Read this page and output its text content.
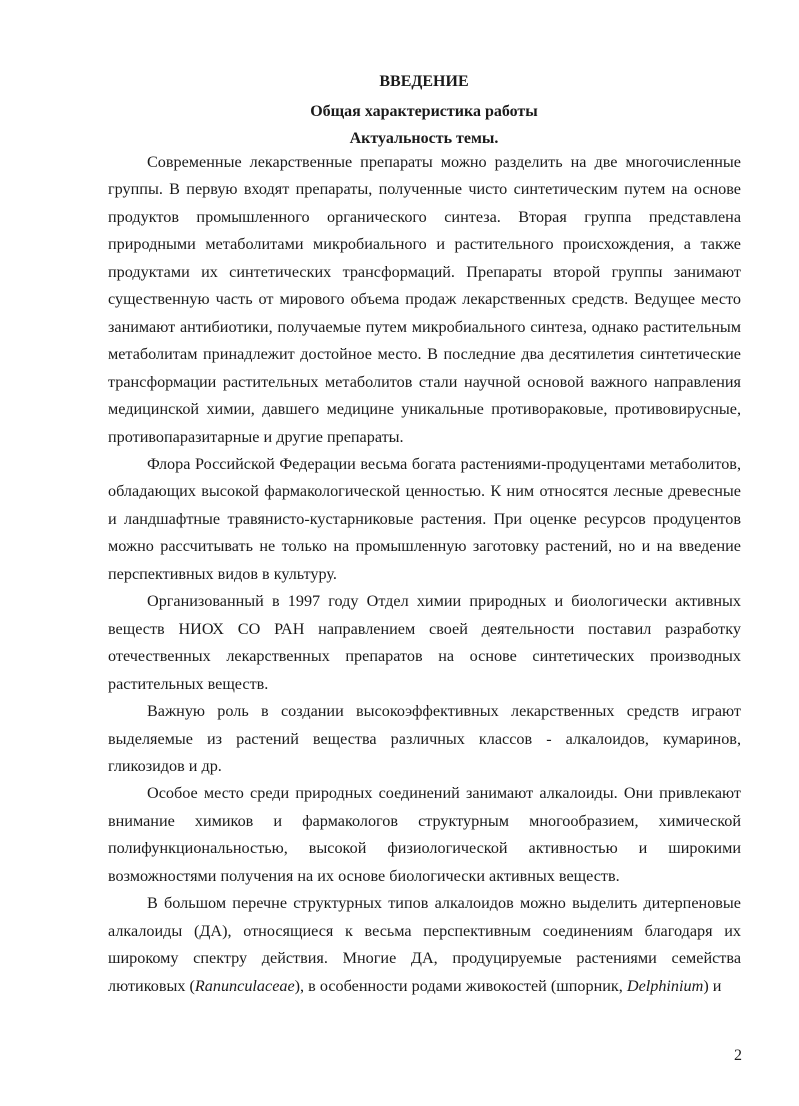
ВВЕДЕНИЕ
Общая характеристика работы
Актуальность темы.

Современные лекарственные препараты можно разделить на две многочисленные группы. В первую входят препараты, полученные чисто синтетическим путем на основе продуктов промышленного органического синтеза. Вторая группа представлена природными метаболитами микробиального и растительного происхождения, а также продуктами их синтетических трансформаций. Препараты второй группы занимают существенную часть от мирового объема продаж лекарственных средств. Ведущее место занимают антибиотики, получаемые путем микробиального синтеза, однако растительным метаболитам принадлежит достойное место. В последние два десятилетия синтетические трансформации растительных метаболитов стали научной основой важного направления медицинской химии, давшего медицине уникальные противораковые, противовирусные, противопаразитарные и другие препараты.

Флора Российской Федерации весьма богата растениями-продуцентами метаболитов, обладающих высокой фармакологической ценностью. К ним относятся лесные древесные и ландшафтные травянисто-кустарниковые растения. При оценке ресурсов продуцентов можно рассчитывать не только на промышленную заготовку растений, но и на введение перспективных видов в культуру.

Организованный в 1997 году Отдел химии природных и биологически активных веществ НИОХ СО РАН направлением своей деятельности поставил разработку отечественных лекарственных препаратов на основе синтетических производных растительных веществ.

Важную роль в создании высокоэффективных лекарственных средств играют выделяемые из растений вещества различных классов - алкалоидов, кумаринов, гликозидов и др.

Особое место среди природных соединений занимают алкалоиды. Они привлекают внимание химиков и фармакологов структурным многообразием, химической полифункциональностью, высокой физиологической активностью и широкими возможностями получения на их основе биологически активных веществ.

В большом перечне структурных типов алкалоидов можно выделить дитерпеновые алкалоиды (ДА), относящиеся к весьма перспективным соединениям благодаря их широкому спектру действия. Многие ДА, продуцируемые растениями семейства лютиковых (Ranunculaceae), в особенности родами живокостей (шпорник, Delphinium) и

2
